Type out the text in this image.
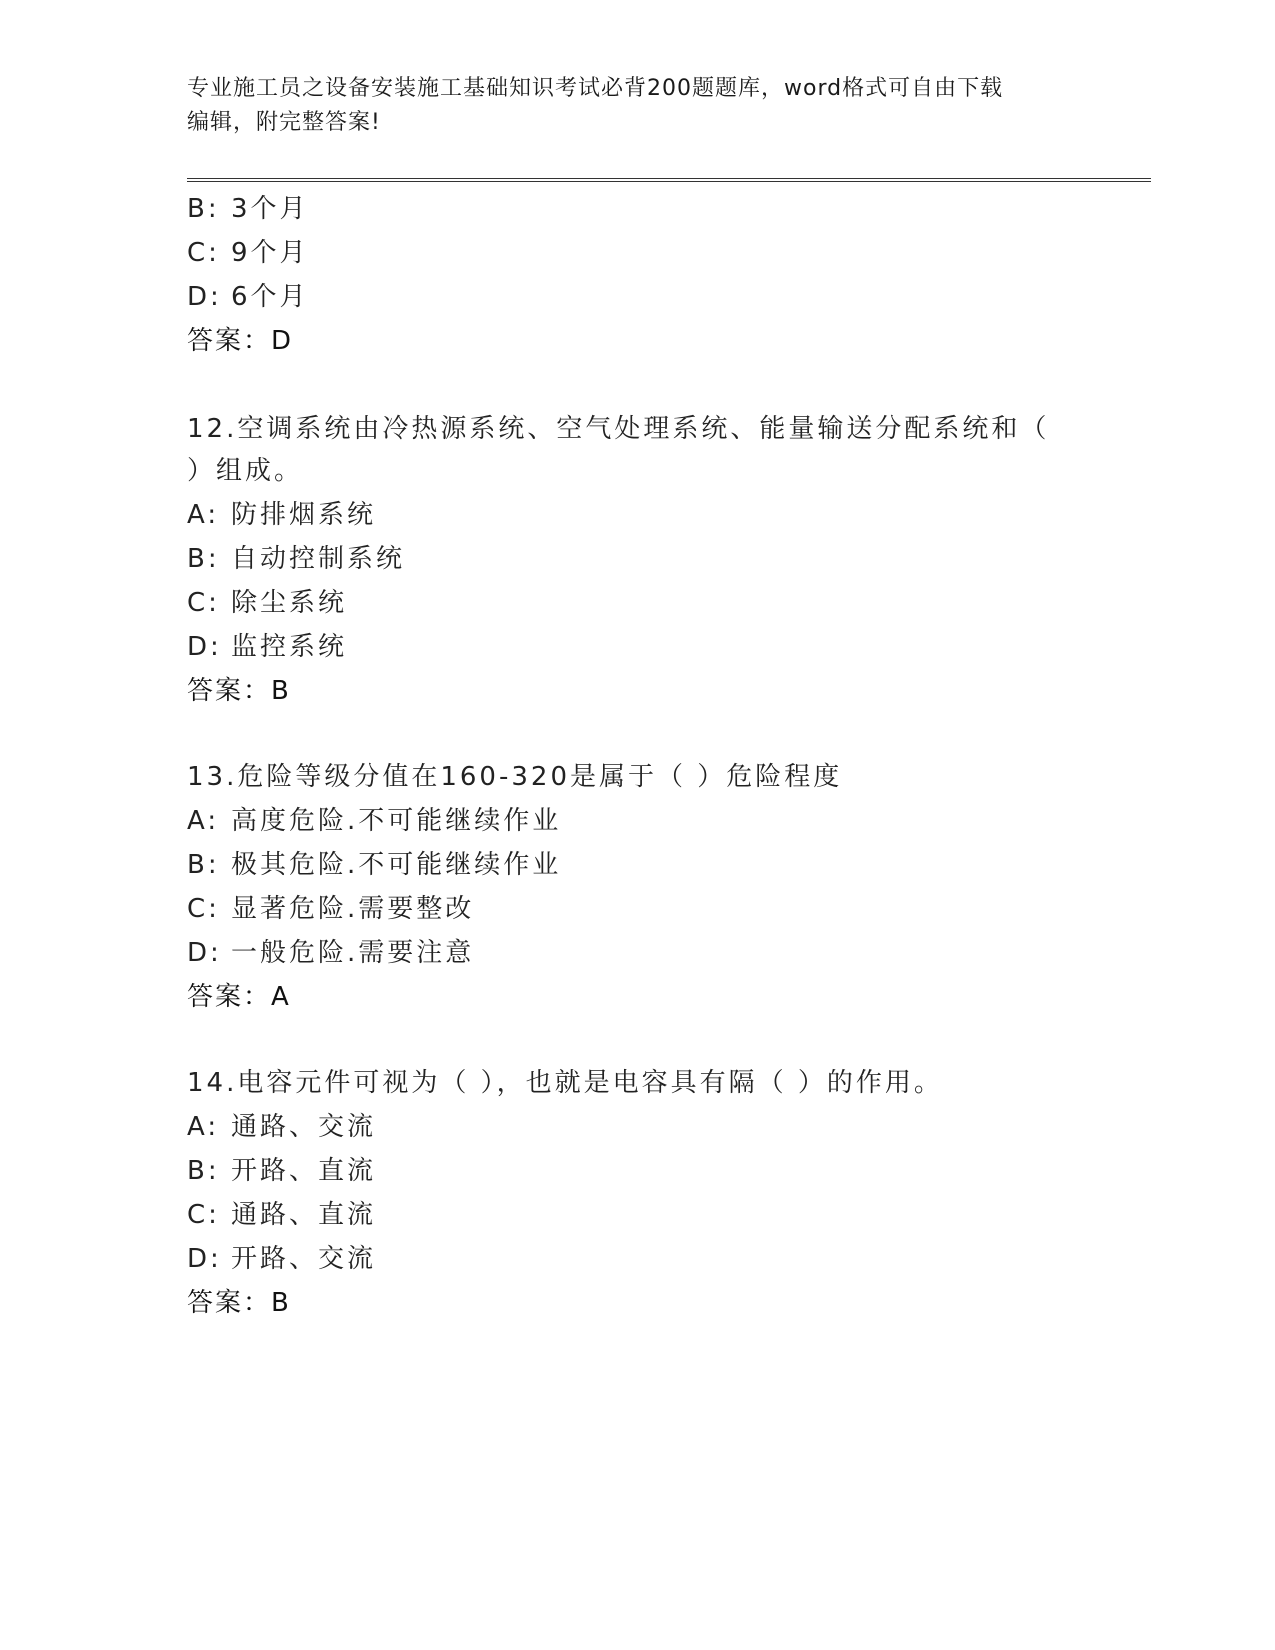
专业施工员之设备安装施工基础知识考试必背200题题库，word格式可自由下载
编辑，附完整答案!
B: 3个月
C: 9个月
D: 6个月
答案：D
12.空调系统由冷热源系统、空气处理系统、能量输送分配系统和（
）组成。
A: 防排烟系统
B: 自动控制系统
C: 除尘系统
D: 监控系统
答案：B
13.危险等级分值在160-320是属于（ ）危险程度
A: 高度危险.不可能继续作业
B: 极其危险.不可能继续作业
C: 显著危险.需要整改
D: 一般危险.需要注意
答案：A
14.电容元件可视为（ ），也就是电容具有隔（ ）的作用。
A: 通路、交流
B: 开路、直流
C: 通路、直流
D: 开路、交流
答案：B
